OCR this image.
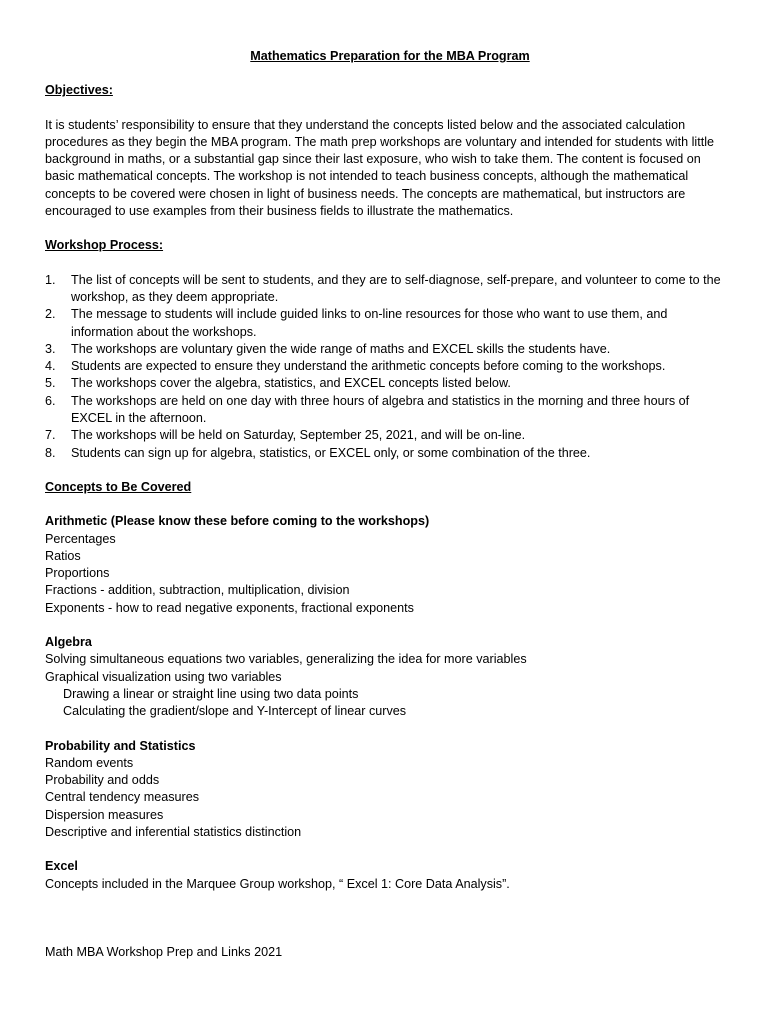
Mathematics Preparation for the MBA Program
Objectives:
It is students’ responsibility to ensure that they understand the concepts listed below and the associated calculation procedures as they begin the MBA program. The math prep workshops are voluntary and intended for students with little background in maths, or a substantial gap since their last exposure, who wish to take them. The content is focused on basic mathematical concepts. The workshop is not intended to teach business concepts, although the mathematical concepts to be covered were chosen in light of business needs. The concepts are mathematical, but instructors are encouraged to use examples from their business fields to illustrate the mathematics.
Workshop Process:
1.	The list of concepts will be sent to students, and they are to self-diagnose, self-prepare, and volunteer to come to the workshop, as they deem appropriate.
2.	The message to students will include guided links to on-line resources for those who want to use them, and information about the workshops.
3.	The workshops are voluntary given the wide range of maths and EXCEL skills the students have.
4.	Students are expected to ensure they understand the arithmetic concepts before coming to the workshops.
5.	The workshops cover the algebra, statistics, and EXCEL concepts listed below.
6.	The workshops are held on one day with three hours of algebra and statistics in the morning and three hours of EXCEL in the afternoon.
7.	The workshops will be held on Saturday, September 25, 2021, and will be on-line.
8.	Students can sign up for algebra, statistics, or EXCEL only, or some combination of the three.
Concepts to Be Covered
Arithmetic (Please know these before coming to the workshops)
Percentages
Ratios
Proportions
Fractions - addition, subtraction, multiplication, division
Exponents - how to read negative exponents, fractional exponents
Algebra
Solving simultaneous equations two variables, generalizing the idea for more variables
Graphical visualization using two variables
Drawing a linear or straight line using two data points
Calculating the gradient/slope and Y-Intercept of linear curves
Probability and Statistics
Random events
Probability and odds
Central tendency measures
Dispersion measures
Descriptive and inferential statistics distinction
Excel
Concepts included in the Marquee Group workshop, “ Excel 1: Core Data Analysis”.
Math MBA Workshop Prep and Links 2021
